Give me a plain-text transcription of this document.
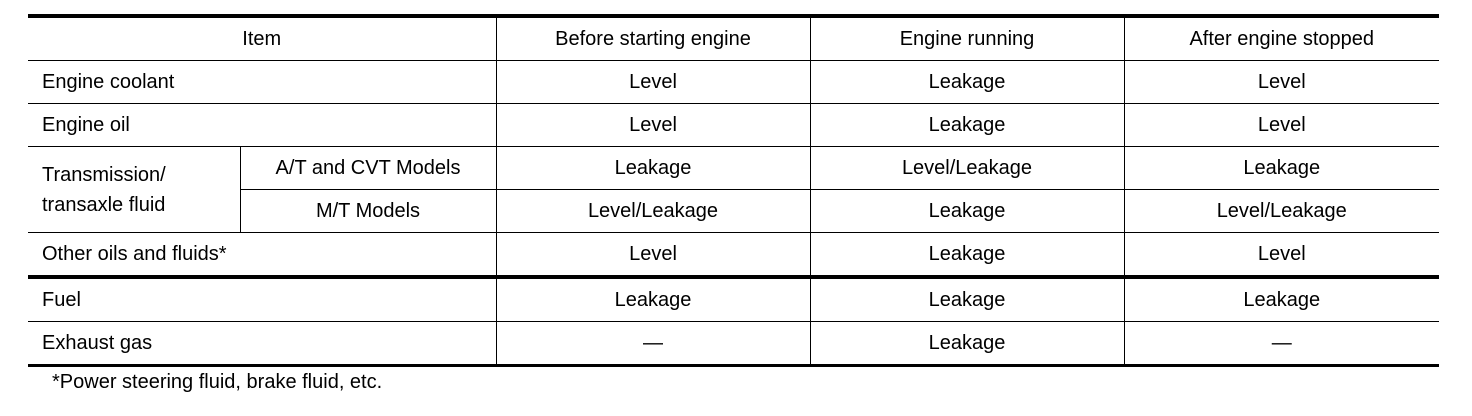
Item		Before starting engine	Engine running	After engine stopped
Engine coolant		Level	Leakage	Level
Engine oil		Level	Leakage	Level

Transmission/
transaxle fluid	A/T and CVT Models	Leakage	Level/Leakage	Leakage
	M/T Models	Level/Leakage	Leakage	Level/Leakage
Other oils and fluids*		Level	Leakage	Level
Fuel		Leakage	Leakage	Leakage
Exhaust gas		—	Leakage	—
*Power steering fluid, brake fluid, etc.
